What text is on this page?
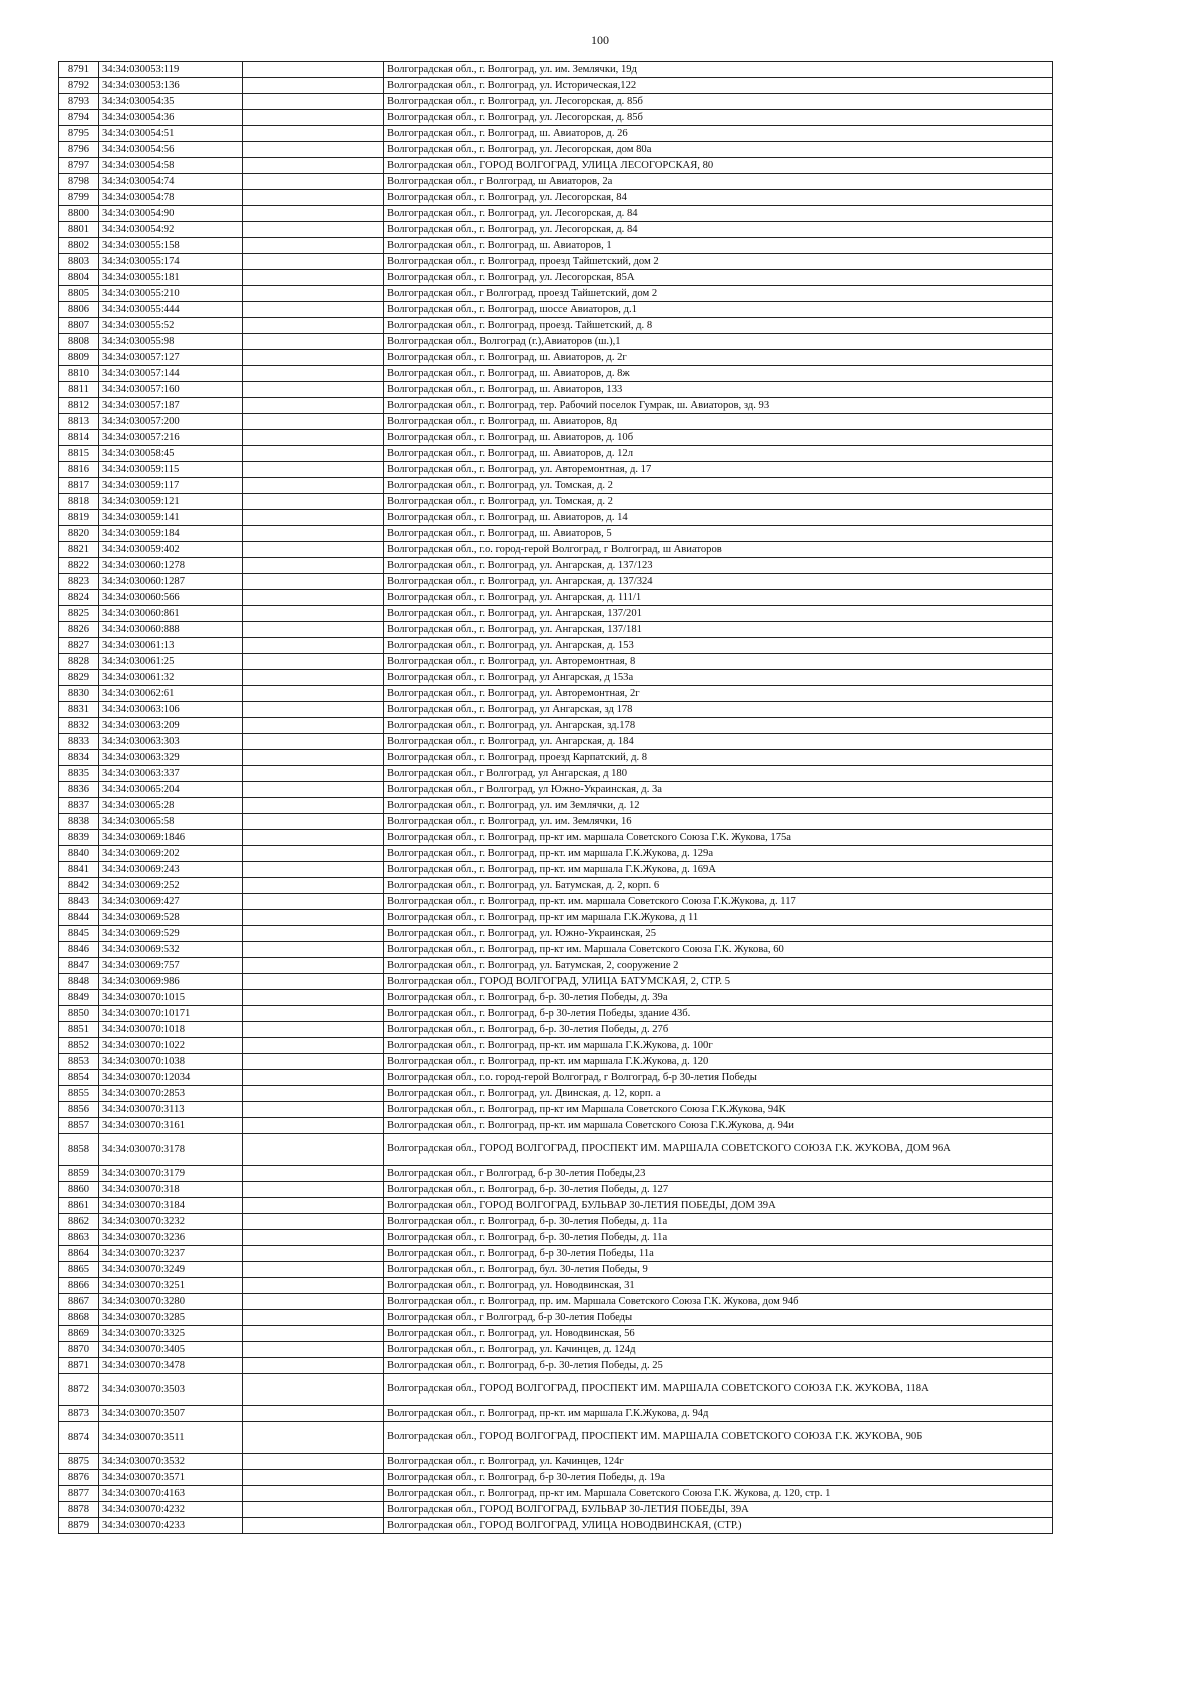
100
8791	34:34:030053:119		Волгоградская обл., г. Волгоград, ул. им. Землячки, 19д
8792	34:34:030053:136		Волгоградская обл., г. Волгоград, ул. Историческая,122
8793	34:34:030054:35		Волгоградская обл., г. Волгоград, ул. Лесогорская, д. 85б
8794	34:34:030054:36		Волгоградская обл., г. Волгоград, ул. Лесогорская, д. 85б
8795	34:34:030054:51		Волгоградская обл., г. Волгоград, ш. Авиаторов, д. 26
8796	34:34:030054:56		Волгоградская обл., г. Волгоград, ул. Лесогорская, дом 80а
8797	34:34:030054:58		Волгоградская обл., ГОРОД ВОЛГОГРАД, УЛИЦА ЛЕСОГОРСКАЯ, 80
8798	34:34:030054:74		Волгоградская обл., г Волгоград, ш Авиаторов, 2а
8799	34:34:030054:78		Волгоградская обл., г. Волгоград, ул. Лесогорская, 84
8800	34:34:030054:90		Волгоградская обл., г. Волгоград, ул. Лесогорская, д. 84
8801	34:34:030054:92		Волгоградская обл., г. Волгоград, ул. Лесогорская, д. 84
8802	34:34:030055:158		Волгоградская обл., г. Волгоград, ш. Авиаторов, 1
8803	34:34:030055:174		Волгоградская обл., г. Волгоград, проезд Тайшетский, дом 2
8804	34:34:030055:181		Волгоградская обл., г. Волгоград, ул. Лесогорская, 85А
8805	34:34:030055:210		Волгоградская обл., г Волгоград, проезд Тайшетский, дом 2
8806	34:34:030055:444		Волгоградская обл., г. Волгоград, шоссе Авиаторов, д.1
8807	34:34:030055:52		Волгоградская обл., г. Волгоград, проезд. Тайшетский, д. 8
8808	34:34:030055:98		Волгоградская обл., Волгоград (г.),Авиаторов (ш.),1
8809	34:34:030057:127		Волгоградская обл., г. Волгоград, ш. Авиаторов, д. 2г
8810	34:34:030057:144		Волгоградская обл., г. Волгоград, ш. Авиаторов, д. 8ж
8811	34:34:030057:160		Волгоградская обл., г. Волгоград, ш. Авиаторов, 133
8812	34:34:030057:187		Волгоградская обл., г. Волгоград, тер. Рабочий поселок Гумрак, ш. Авиаторов, зд. 93
8813	34:34:030057:200		Волгоградская обл., г. Волгоград, ш. Авиаторов, 8д
8814	34:34:030057:216		Волгоградская обл., г. Волгоград, ш. Авиаторов, д. 10б
8815	34:34:030058:45		Волгоградская обл., г. Волгоград, ш. Авиаторов, д. 12л
8816	34:34:030059:115		Волгоградская обл., г. Волгоград, ул. Авторемонтная, д. 17
8817	34:34:030059:117		Волгоградская обл., г. Волгоград, ул. Томская, д. 2
8818	34:34:030059:121		Волгоградская обл., г. Волгоград, ул. Томская, д. 2
8819	34:34:030059:141		Волгоградская обл., г. Волгоград, ш. Авиаторов, д. 14
8820	34:34:030059:184		Волгоградская обл., г. Волгоград, ш. Авиаторов, 5
8821	34:34:030059:402		Волгоградская обл., г.о. город-герой Волгоград, г Волгоград, ш Авиаторов
8822	34:34:030060:1278		Волгоградская обл., г. Волгоград, ул. Ангарская, д. 137/123
8823	34:34:030060:1287		Волгоградская обл., г. Волгоград, ул. Ангарская, д. 137/324
8824	34:34:030060:566		Волгоградская обл., г. Волгоград, ул. Ангарская, д. 111/1
8825	34:34:030060:861		Волгоградская обл., г. Волгоград, ул. Ангарская, 137/201
8826	34:34:030060:888		Волгоградская обл., г. Волгоград, ул. Ангарская, 137/181
8827	34:34:030061:13		Волгоградская обл., г. Волгоград, ул. Ангарская, д. 153
8828	34:34:030061:25		Волгоградская обл., г. Волгоград, ул. Авторемонтная, 8
8829	34:34:030061:32		Волгоградская обл., г. Волгоград, ул Ангарская, д 153а
8830	34:34:030062:61		Волгоградская обл., г. Волгоград, ул. Авторемонтная, 2г
8831	34:34:030063:106		Волгоградская обл., г. Волгоград, ул Ангарская, зд 178
8832	34:34:030063:209		Волгоградская обл., г. Волгоград, ул. Ангарская, зд.178
8833	34:34:030063:303		Волгоградская обл., г. Волгоград, ул. Ангарская, д. 184
8834	34:34:030063:329		Волгоградская обл., г. Волгоград, проезд Карпатский, д. 8
8835	34:34:030063:337		Волгоградская обл., г Волгоград, ул Ангарская, д 180
8836	34:34:030065:204		Волгоградская обл., г Волгоград, ул Южно-Украинская, д. 3а
8837	34:34:030065:28		Волгоградская обл., г. Волгоград, ул. им Землячки, д. 12
8838	34:34:030065:58		Волгоградская обл., г. Волгоград, ул. им. Землячки, 16
8839	34:34:030069:1846		Волгоградская обл., г. Волгоград, пр-кт им. маршала Советского Союза Г.К. Жукова, 175а
8840	34:34:030069:202		Волгоградская обл., г. Волгоград, пр-кт. им маршала Г.К.Жукова, д. 129а
8841	34:34:030069:243		Волгоградская обл., г. Волгоград, пр-кт. им маршала Г.К.Жукова, д. 169А
8842	34:34:030069:252		Волгоградская обл., г. Волгоград, ул. Батумская, д. 2, корп. 6
8843	34:34:030069:427		Волгоградская обл., г. Волгоград, пр-кт. им. маршала Советского Союза Г.К.Жукова, д. 117
8844	34:34:030069:528		Волгоградская обл., г. Волгоград, пр-кт им маршала Г.К.Жукова, д 11
8845	34:34:030069:529		Волгоградская обл., г. Волгоград, ул. Южно-Украинская, 25
8846	34:34:030069:532		Волгоградская обл., г. Волгоград, пр-кт им. Маршала Советского Союза Г.К. Жукова, 60
8847	34:34:030069:757		Волгоградская обл., г. Волгоград, ул. Батумская, 2, сооружение 2
8848	34:34:030069:986		Волгоградская обл., ГОРОД ВОЛГОГРАД, УЛИЦА БАТУМСКАЯ, 2, СТР. 5
8849	34:34:030070:1015		Волгоградская обл., г. Волгоград, б-р. 30-летия Победы, д. 39а
8850	34:34:030070:10171		Волгоградская обл., г. Волгоград, б-р 30-летия Победы, здание 43б.
8851	34:34:030070:1018		Волгоградская обл., г. Волгоград, б-р. 30-летия Победы, д. 27б
8852	34:34:030070:1022		Волгоградская обл., г. Волгоград, пр-кт. им маршала Г.К.Жукова, д. 100г
8853	34:34:030070:1038		Волгоградская обл., г. Волгоград, пр-кт. им маршала Г.К.Жукова, д. 120
8854	34:34:030070:12034		Волгоградская обл., г.о. город-герой Волгоград, г Волгоград, б-р 30-летия Победы
8855	34:34:030070:2853		Волгоградская обл., г. Волгоград, ул. Двинская, д. 12, корп. а
8856	34:34:030070:3113		Волгоградская обл., г. Волгоград, пр-кт им Маршала Советского Союза Г.К.Жукова, 94К
8857	34:34:030070:3161		Волгоградская обл., г. Волгоград, пр-кт. им маршала Советского Союза Г.К.Жукова, д. 94и
8858	34:34:030070:3178		Волгоградская обл., ГОРОД ВОЛГОГРАД, ПРОСПЕКТ ИМ. МАРШАЛА СОВЕТСКОГО СОЮЗА Г.К. ЖУКОВА, ДОМ 96А
8859	34:34:030070:3179		Волгоградская обл., г Волгоград, б-р 30-летия Победы,23
8860	34:34:030070:318		Волгоградская обл., г. Волгоград, б-р. 30-летия Победы, д. 127
8861	34:34:030070:3184		Волгоградская обл., ГОРОД ВОЛГОГРАД, БУЛЬВАР 30-ЛЕТИЯ ПОБЕДЫ, ДОМ 39А
8862	34:34:030070:3232		Волгоградская обл., г. Волгоград, б-р. 30-летия Победы, д. 11а
8863	34:34:030070:3236		Волгоградская обл., г. Волгоград, б-р. 30-летия Победы, д. 11а
8864	34:34:030070:3237		Волгоградская обл., г. Волгоград, б-р 30-летия Победы, 11а
8865	34:34:030070:3249		Волгоградская обл., г. Волгоград, бул. 30-летия Победы, 9
8866	34:34:030070:3251		Волгоградская обл., г. Волгоград, ул. Новодвинская, 31
8867	34:34:030070:3280		Волгоградская обл., г. Волгоград, пр. им. Маршала Советского Союза Г.К. Жукова, дом 94б
8868	34:34:030070:3285		Волгоградская обл., г Волгоград, б-р 30-летия Победы
8869	34:34:030070:3325		Волгоградская обл., г. Волгоград, ул. Новодвинская, 56
8870	34:34:030070:3405		Волгоградская обл., г. Волгоград, ул. Качинцев, д. 124д
8871	34:34:030070:3478		Волгоградская обл., г. Волгоград, б-р. 30-летия Победы, д. 25
8872	34:34:030070:3503		Волгоградская обл., ГОРОД ВОЛГОГРАД, ПРОСПЕКТ ИМ. МАРШАЛА СОВЕТСКОГО СОЮЗА Г.К. ЖУКОВА, 118А
8873	34:34:030070:3507		Волгоградская обл., г. Волгоград, пр-кт. им маршала Г.К.Жукова, д. 94д
8874	34:34:030070:3511		Волгоградская обл., ГОРОД ВОЛГОГРАД, ПРОСПЕКТ ИМ. МАРШАЛА СОВЕТСКОГО СОЮЗА Г.К. ЖУКОВА, 90Б
8875	34:34:030070:3532		Волгоградская обл., г. Волгоград, ул. Качинцев, 124г
8876	34:34:030070:3571		Волгоградская обл., г. Волгоград, б-р 30-летия Победы, д. 19а
8877	34:34:030070:4163		Волгоградская обл., г. Волгоград, пр-кт им. Маршала Советского Союза Г.К. Жукова, д. 120, стр. 1
8878	34:34:030070:4232		Волгоградская обл., ГОРОД ВОЛГОГРАД, БУЛЬВАР 30-ЛЕТИЯ ПОБЕДЫ, 39А
8879	34:34:030070:4233		Волгоградская обл., ГОРОД ВОЛГОГРАД, УЛИЦА НОВОДВИНСКАЯ, (СТР.)
